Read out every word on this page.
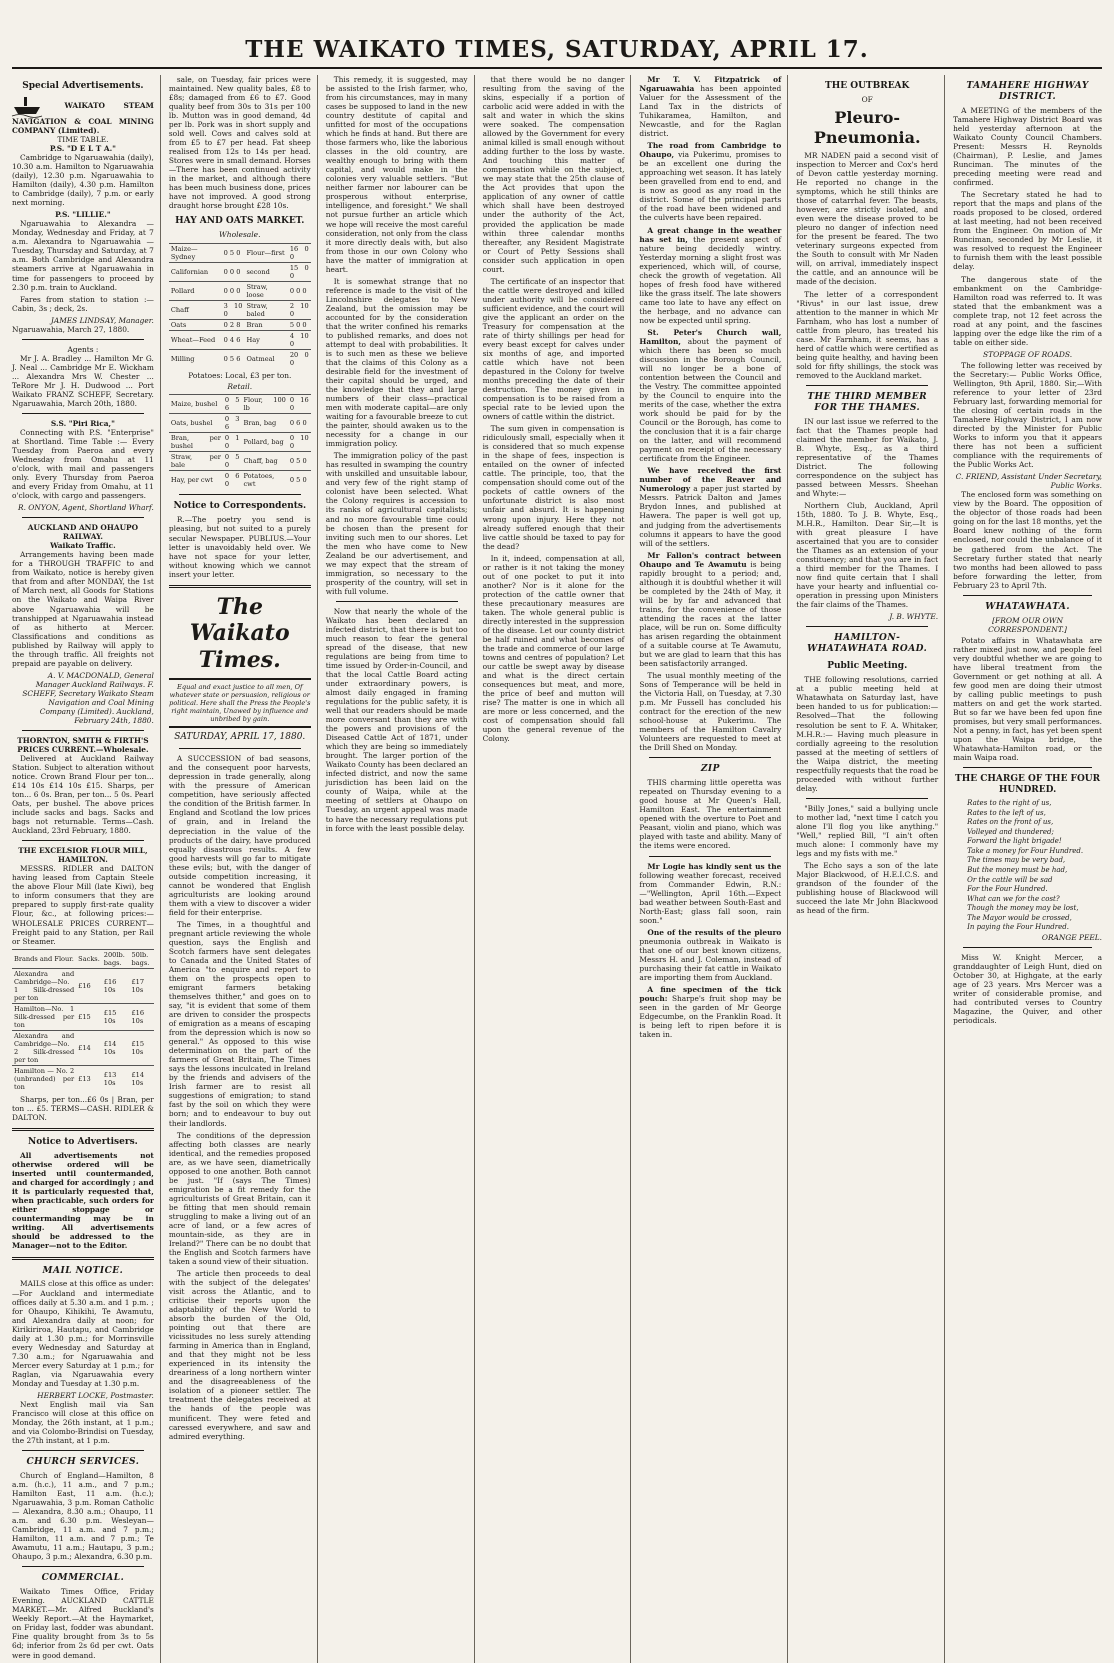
THE WAIKATO TIMES, SATURDAY, APRIL 17.
Special Advertisements.
WAIKATO STEAM NAVIGATION & COAL MINING COMPANY (Limited).
TIME TABLE.
P.S. "D E L T A."

Cambridge to Ngaruawahia (daily), 10.30 a.m. Hamilton to Ngaruawahia (daily), 12.30 p.m. Ngaruawahia to Hamilton (daily), 4.30 p.m. Hamilton to Cambridge (daily), 7 p.m. or early next morning.

P.S. "LILLIE."

Ngaruawahia to Alexandra — Monday, Wednesday and Friday, at 7 a.m. Alexandra to Ngaruawahia — Tuesday, Thursday and Saturday, at 7 a.m. Both Cambridge and Alexandra steamers arrive at Ngaruawahia in time for passengers to proceed by 2.30 p.m. train to Auckland.

Fares from station to station :—Cabin, 3s ; deck, 2s.

JAMES LINDSAY, Manager.
Ngaruawahia, March 27, 1880.
Agents :

Mr J. A. Bradley ... Hamilton Mr G. J. Neal ... Cambridge Mr E. Wickham ... Alexandra Mrs W. Chester ... TeRore Mr J. H. Dudwood ... Port Waikato FRANZ SCHEFF, Secretary. Ngaruawahia, March 20th, 1880.

S.S. "Piri Rica,"

Connecting with P.S. "Enterprise" at Shortland. Time Table :— Every Tuesday from Paeroa and every Wednesday from Omahu at 11 o'clock, with mail and passengers only. Every Thursday from Paeroa and every Friday from Omahu, at 11 o'clock, with cargo and passengers.

R. ONYON, Agent, Shortland Wharf.
AUCKLAND AND OHAUPO RAILWAY.
Waikato Traffic.

Arrangements having been made for a THROUGH TRAFFIC to and from Waikato, notice is hereby given that from and after MONDAY, the 1st of March next, all Goods for Stations on the Waikato and Waipa River above Ngaruawahia will be transhipped at Ngaruawahia instead of as hitherto at Mercer. Classifications and conditions as published by Railway will apply to the through traffic. All freights not prepaid are payable on delivery.

A. V. MACDONALD, General Manager Auckland Railways. F. SCHEFF, Secretary Waikato Steam Navigation and Coal Mining Company (Limited). Auckland, February 24th, 1880.

THORNTON, SMITH & FIRTH'S PRICES CURRENT.—Wholesale.

Delivered at Auckland Railway Station. Subject to alteration without notice. Crown Brand Flour per ton...£14 10s £14 10s £15. Sharps, per ton... 6 0s. Bran, per ton... 5 0s. Pearl Oats, per bushel. The above prices include sacks and bags. Sacks and bags not returnable. Terms—Cash. Auckland, 23rd February, 1880.

THE EXCELSIOR FLOUR MILL, HAMILTON.

MESSRS. RIDLER and DALTON having leased from Captain Steele the above Flour Mill (late Kiwi), beg to inform consumers that they are prepared to supply first-rate quality Flour, &c., at following prices:— WHOLESALE PRICES CURRENT— Freight paid to any Station, per Rail or Steamer.

Brands and Flour.	Sacks.	200lb. bags.	50lb. bags.
Alexandra and Cambridge—No. 1 Silk-dressed per ton	£16	£16 10s	£17 10s
Hamilton—No. 1 Silk-dressed per ton	£15	£15 10s	£16 10s
Alexandra and Cambridge—No. 2 Silk-dressed per ton	£14	£14 10s	£15 10s
Hamilton — No. 2 (unbranded) per ton	£13	£13 10s	£14 10s

Sharps, per ton...£6 0s | Bran, per ton ... £5. TERMS—CASH. RIDLER & DALTON.

Notice to Advertisers.

All advertisements not otherwise ordered will be inserted until countermanded, and charged for accordingly ; and it is particularly requested that, when practicable, such orders for either stoppage or countermanding may be in writing. All advertisements should be addressed to the Manager—not to the Editor.

MAIL NOTICE.

MAILS close at this office as under:—For Auckland and intermediate offices daily at 5.30 a.m. and 1 p.m. ; for Ohaupo, Kihikihi, Te Awamutu, and Alexandra daily at noon; for Kirikiriroa, Hautapu, and Cambridge daily at 1.30 p.m.; for Morrinsville every Wednesday and Saturday at 7.30 a.m.; for Ngaruawahia and Mercer every Saturday at 1 p.m.; for Raglan, via Ngaruawahia every Monday and Tuesday at 1.30 p.m.

HERBERT LOCKE, Postmaster.

Next English mail via San Francisco will close at this office on Monday, the 26th instant, at 1 p.m.; and via Colombo-Brindisi on Tuesday, the 27th instant, at 1 p.m.

CHURCH SERVICES.

Church of England—Hamilton, 8 a.m. (h.c.), 11 a.m., and 7 p.m.; Hamilton East, 11 a.m. (h.c.); Ngaruawahia, 3 p.m. Roman Catholic — Alexandra, 8.30 a.m.; Ohaupo, 11 a.m. and 6.30 p.m. Wesleyan—Cambridge, 11 a.m. and 7 p.m.; Hamilton, 11 a.m. and 7 p.m.; Te Awamutu, 11 a.m.; Hautapu, 3 p.m.; Ohaupo, 3 p.m.; Alexandra, 6.30 p.m.

COMMERCIAL.

Waikato Times Office, Friday Evening. AUCKLAND CATTLE MARKET.—Mr. Alfred Buckland's Weekly Report.—At the Haymarket, on Friday last, fodder was abundant. Fine quality brought from 3s to 5s 6d; inferior from 2s 6d per cwt. Oats were in good demand.

sale, on Tuesday, fair prices were maintained. New quality bales, £8 to £8s; damaged from £6 to £7. Good quality beef from 30s to 31s per 100 lb. Mutton was in good demand, 4d per lb. Pork was in short supply and sold well. Cows and calves sold at from £5 to £7 per head. Fat sheep realised from 12s to 14s per head. Stores were in small demand. Horses—There has been continued activity in the market, and although there has been much business done, prices have not improved. A good strong draught horse brought £28 10s.

HAY AND OATS MARKET.
Wholesale.
Maize—Sydney	0 5 0	Flour—first	16 0 0
Californian	0 0 0	second	15 0 0
Pollard	0 0 0	Straw, loose	0 0 0
Chaff	3 10 0	Straw, baled	2 10 0
Oats	0 2 8	Bran	5 0 0
Wheat—Feed	0 4 6	Hay	4 10 0
Milling	0 5 6	Oatmeal	20 0 0
Potatoes: Local, £3 per ton.
Retail.
Maize, bushel	0 5 6	Flour, 100 lb	0 16 0
Oats, bushel	0 3 6	Bran, bag	0 6 0
Bran, per bushel	0 1 0	Pollard, bag	0 10 0
Straw, per bale	0 5 0	Chaff, bag	0 5 0
Hay, per cwt	0 6 0	Potatoes, cwt	0 5 0
Notice to Correspondents.

R.—The poetry you send is pleasing, but not suited to a purely secular Newspaper. PUBLIUS.—Your letter is unavoidably held over. We have not space for your letter, without knowing which we cannot insert your letter.

The Waikato Times.
Equal and exact justice to all men, Of whatever state or persuasion, religious or political. Here shall the Press the People's right maintain, Unawed by influence and unbribed by gain.
SATURDAY, APRIL 17, 1880.

A SUCCESSION of bad seasons, and the consequent poor harvests, depression in trade generally, along with the pressure of American competition, have seriously affected the condition of the British farmer. In England and Scotland the low prices of grain, and in Ireland the depreciation in the value of the products of the dairy, have produced equally disastrous results. A few good harvests will go far to mitigate these evils; but, with the danger of outside competition increasing, it cannot be wondered that English agriculturists are looking around them with a view to discover a wider field for their enterprise.

The Times, in a thoughtful and pregnant article reviewing the whole question, says the English and Scotch farmers have sent delegates to Canada and the United States of America "to enquire and report to them on the prospects open to emigrant farmers betaking themselves thither," and goes on to say, "it is evident that some of them are driven to consider the prospects of emigration as a means of escaping from the depression which is now so general." As opposed to this wise determination on the part of the farmers of Great Britain, The Times says the lessons inculcated in Ireland by the friends and advisers of the Irish farmer are to resist all suggestions of emigration; to stand fast by the soil on which they were born; and to endeavour to buy out their landlords.

The conditions of the depression affecting both classes are nearly identical, and the remedies proposed are, as we have seen, diametrically opposed to one another. Both cannot be just. "If (says The Times) emigration be a fit remedy for the agriculturists of Great Britain, can it be fitting that men should remain struggling to make a living out of an acre of land, or a few acres of mountain-side, as they are in Ireland?" There can be no doubt that the English and Scotch farmers have taken a sound view of their situation.

The article then proceeds to deal with the subject of the delegates' visit across the Atlantic, and to criticise their reports upon the adaptability of the New World to absorb the burden of the Old, pointing out that there are vicissitudes no less surely attending farming in America than in England, and that they might not be less experienced in its intensity the dreariness of a long northern winter and the disagreeableness of the isolation of a pioneer settler. The treatment the delegates received at the hands of the people was munificent. They were feted and caressed everywhere, and saw and admired everything.

This remedy, it is suggested, may be assisted to the Irish farmer, who, from his circumstances, may in many cases be supposed to land in the new country destitute of capital and unfitted for most of the occupations which he finds at hand. But there are those farmers who, like the laborious classes in the old country, are wealthy enough to bring with them capital, and would make in the colonies very valuable settlers. "But neither farmer nor labourer can be prosperous without enterprise, intelligence, and foresight." We shall not pursue further an article which we hope will receive the most careful consideration, not only from the class it more directly deals with, but also from those in our own Colony who have the matter of immigration at heart.

It is somewhat strange that no reference is made to the visit of the Lincolnshire delegates to New Zealand, but the omission may be accounted for by the consideration that the writer confined his remarks to published remarks, and does not attempt to deal with probabilities. It is to such men as these we believe that the claims of this Colony as a desirable field for the investment of their capital should be urged, and the knowledge that they and large numbers of their class—practical men with moderate capital—are only waiting for a favourable breeze to cut the painter, should awaken us to the necessity for a change in our immigration policy.

The immigration policy of the past has resulted in swamping the country with unskilled and unsuitable labour, and very few of the right stamp of colonist have been selected. What the Colony requires is accession to its ranks of agricultural capitalists; and no more favourable time could be chosen than the present for inviting such men to our shores. Let the men who have come to New Zealand be our advertisement, and we may expect that the stream of immigration, so necessary to the prosperity of the country, will set in with full volume.

Now that nearly the whole of the Waikato has been declared an infected district, that there is but too much reason to fear the general spread of the disease, that new regulations are being from time to time issued by Order-in-Council, and that the local Cattle Board acting under extraordinary powers, is almost daily engaged in framing regulations for the public safety, it is well that our readers should be made more conversant than they are with the powers and provisions of the Diseased Cattle Act of 1871, under which they are being so immediately brought. The larger portion of the Waikato County has been declared an infected district, and now the same jurisdiction has been laid on the county of Waipa, while at the meeting of settlers at Ohaupo on Tuesday, an urgent appeal was made to have the necessary regulations put in force with the least possible delay.

that there would be no danger resulting from the saving of the skins, especially if a portion of carbolic acid were added in with the salt and water in which the skins were soaked. The compensation allowed by the Government for every animal killed is small enough without adding further to the loss by waste. And touching this matter of compensation while on the subject, we may state that the 25th clause of the Act provides that upon the application of any owner of cattle which shall have been destroyed under the authority of the Act, provided the application be made within three calendar months thereafter, any Resident Magistrate or Court of Petty Sessions shall consider such application in open court.

The certificate of an inspector that the cattle were destroyed and killed under authority will be considered sufficient evidence, and the court will give the applicant an order on the Treasury for compensation at the rate of thirty shillings per head for every beast except for calves under six months of age, and imported cattle which have not been depastured in the Colony for twelve months preceding the date of their destruction. The money given in compensation is to be raised from a special rate to be levied upon the owners of cattle within the district.

The sum given in compensation is ridiculously small, especially when it is considered that so much expense in the shape of fees, inspection is entailed on the owner of infected cattle. The principle, too, that the compensation should come out of the pockets of cattle owners of the unfortunate district is also most unfair and absurd. It is happening wrong upon injury. Here they not already suffered enough that their live cattle should be taxed to pay for the dead?

In it, indeed, compensation at all, or rather is it not taking the money out of one pocket to put it into another? Nor is it alone for the protection of the cattle owner that these precautionary measures are taken. The whole general public is directly interested in the suppression of the disease. Let our county district be half ruined and what becomes of the trade and commerce of our large towns and centres of population? Let our cattle be swept away by disease and what is the direct certain consequences but meat, and more, the price of beef and mutton will rise? The matter is one in which all are more or less concerned, and the cost of compensation should fall upon the general revenue of the Colony.

Mr T. V. Fitzpatrick of Ngaruawahia has been appointed Valuer for the Assessment of the Land Tax in the districts of Tuhikaramea, Hamilton, and Newcastle, and for the Raglan district.

The road from Cambridge to Ohaupo, via Pukerimu, promises to be an excellent one during the approaching wet season. It has lately been gravelled from end to end, and is now as good as any road in the district. Some of the principal parts of the road have been widened and the culverts have been repaired.

A great change in the weather has set in, the present aspect of nature being decidedly wintry. Yesterday morning a slight frost was experienced, which will, of course, check the growth of vegetation. All hopes of fresh food have withered like the grass itself. The late showers came too late to have any effect on the herbage, and no advance can now be expected until spring.

St. Peter's Church wall, Hamilton, about the payment of which there has been so much discussion in the Borough Council, will no longer be a bone of contention between the Council and the Vestry. The committee appointed by the Council to enquire into the merits of the case, whether the extra work should be paid for by the Council or the Borough, has come to the conclusion that it is a fair charge on the latter, and will recommend payment on receipt of the necessary certificate from the Engineer.

We have received the first number of the Reaver and Numerology a paper just started by Messrs. Patrick Dalton and James Brydon Innes, and published at Hawera. The paper is well got up, and judging from the advertisements columns it appears to have the good will of the settlers.

Mr Fallon's contract between Ohaupo and Te Awamutu is being rapidly brought to a period; and, although it is doubtful whether it will be completed by the 24th of May, it will be by far and advanced that trains, for the convenience of those attending the races at the latter place, will be run on. Some difficulty has arisen regarding the obtainment of a suitable course at Te Awamutu, but we are glad to learn that this has been satisfactorily arranged.

The usual monthly meeting of the Sons of Temperance will be held in the Victoria Hall, on Tuesday, at 7.30 p.m. Mr Fussell has concluded his contract for the erection of the new school-house at Pukerimu. The members of the Hamilton Cavalry Volunteers are requested to meet at the Drill Shed on Monday.

ZIP

THIS charming little operetta was repeated on Thursday evening to a good house at Mr Queen's Hall, Hamilton East. The entertainment opened with the overture to Poet and Peasant, violin and piano, which was played with taste and ability. Many of the items were encored.

Mr Logie has kindly sent us the following weather forecast, received from Commander Edwin, R.N.:—"Wellington, April 16th.—Expect bad weather between South-East and North-East; glass fall soon, rain soon."

One of the results of the pleuro pneumonia outbreak in Waikato is that one of our best known citizens, Messrs H. and J. Coleman, instead of purchasing their fat cattle in Waikato are importing them from Auckland.

A fine specimen of the tick pouch: Sharpe's fruit shop may be seen in the garden of Mr George Edgecumbe, on the Franklin Road. It is being left to ripen before it is taken in.

THE OUTBREAK
OF
Pleuro-Pneumonia.

MR NADEN paid a second visit of inspection to Mercer and Cox's herd of Devon cattle yesterday morning. He reported no change in the symptoms, which he still thinks are those of catarrhal fever. The beasts, however, are strictly isolated, and even were the disease proved to be pleuro no danger of infection need for the present be feared. The two veterinary surgeons expected from the South to consult with Mr Naden will, on arrival, immediately inspect the cattle, and an announce will be made of the decision.

The letter of a correspondent "Rivus" in our last issue, drew attention to the manner in which Mr Farnham, who has lost a number of cattle from pleuro, has treated his case. Mr Farnham, it seems, has a herd of cattle which were certified as being quite healthy, and having been sold for fifty shillings, the stock was removed to the Auckland market.

THE THIRD MEMBER FOR THE THAMES.

IN our last issue we referred to the fact that the Thames people had claimed the member for Waikato, J. B. Whyte, Esq., as a third representative of the Thames District. The following correspondence on the subject has passed between Messrs. Sheehan and Whyte:—

Northern Club, Auckland, April 15th, 1880. To J. B. Whyte, Esq., M.H.R., Hamilton. Dear Sir,—It is with great pleasure I have ascertained that you are to consider the Thames as an extension of your constituency; and that you are in fact a third member for the Thames. I now find quite certain that I shall have your hearty and influential co-operation in pressing upon Ministers the fair claims of the Thames.

J. B. WHYTE.
HAMILTON-WHATAWHATA ROAD.
Public Meeting.

THE following resolutions, carried at a public meeting held at Whatawhata on Saturday last, have been handed to us for publication:— Resolved—That the following resolution be sent to F. A. Whitaker, M.H.R.:— Having much pleasure in cordially agreeing to the resolution passed at the meeting of settlers of the Waipa district, the meeting respectfully requests that the road be proceeded with without further delay.

"Billy Jones," said a bullying uncle to mother lad, "next time I catch you alone I'll flog you like anything." "Well," replied Bill, "I ain't often much alone: I commonly have my legs and my fists with me."

The Echo says a son of the late Major Blackwood, of H.E.I.C.S. and grandson of the founder of the publishing house of Blackwood will succeed the late Mr John Blackwood as head of the firm.

TAMAHERE HIGHWAY DISTRICT.

A MEETING of the members of the Tamahere Highway District Board was held yesterday afternoon at the Waikato County Council Chambers. Present: Messrs H. Reynolds (Chairman), P. Leslie, and James Runciman. The minutes of the preceding meeting were read and confirmed.

The Secretary stated he had to report that the maps and plans of the roads proposed to be closed, ordered at last meeting, had not been received from the Engineer. On motion of Mr Runciman, seconded by Mr Leslie, it was resolved to request the Engineer to furnish them with the least possible delay.

The dangerous state of the embankment on the Cambridge-Hamilton road was referred to. It was stated that the embankment was a complete trap, not 12 feet across the road at any point, and the fascines lapping over the edge like the rim of a table on either side.

STOPPAGE OF ROADS.

The following letter was received by the Secretary:— Public Works Office, Wellington, 9th April, 1880. Sir,—With reference to your letter of 23rd February last, forwarding memorial for the closing of certain roads in the Tamahere Highway District, I am now directed by the Minister for Public Works to inform you that it appears there has not been a sufficient compliance with the requirements of the Public Works Act.

C. FRIEND, Assistant Under Secretary, Public Works.

The enclosed form was something on view by the Board. The opposition of the objector of those roads had been going on for the last 18 months, yet the Board knew nothing of the form enclosed, nor could the unbalance of it be gathered from the Act. The Secretary further stated that nearly two months had been allowed to pass before forwarding the letter, from February 23 to April 7th.

WHATAWHATA.
[FROM OUR OWN CORRESPONDENT.]

Potato affairs in Whatawhata are rather mixed just now, and people feel very doubtful whether we are going to have liberal treatment from the Government or get nothing at all. A few good men are doing their utmost by calling public meetings to push matters on and get the work started. But so far we have been fed upon fine promises, but very small performances. Not a penny, in fact, has yet been spent upon the Waipa bridge, the Whatawhata-Hamilton road, or the main Waipa road.

THE CHARGE OF THE FOUR HUNDRED.
Rates to the right of us,
Rates to the left of us,
Rates on the front of us,
Volleyed and thundered;
Forward the light brigade!
Take a money for Four Hundred.
The times may be very bad,
But the money must be had,
Or the cattle will be sad
For the Four Hundred.
What can we for the cost?
Though the money may be lost,
The Mayor would be crossed,
In paying the Four Hundred.
ORANGE PEEL.

Miss W. Knight Mercer, a granddaughter of Leigh Hunt, died on October 30, at Highgate, at the early age of 23 years. Mrs Mercer was a writer of considerable promise, and had contributed verses to Country Magazine, the Quiver, and other periodicals.
